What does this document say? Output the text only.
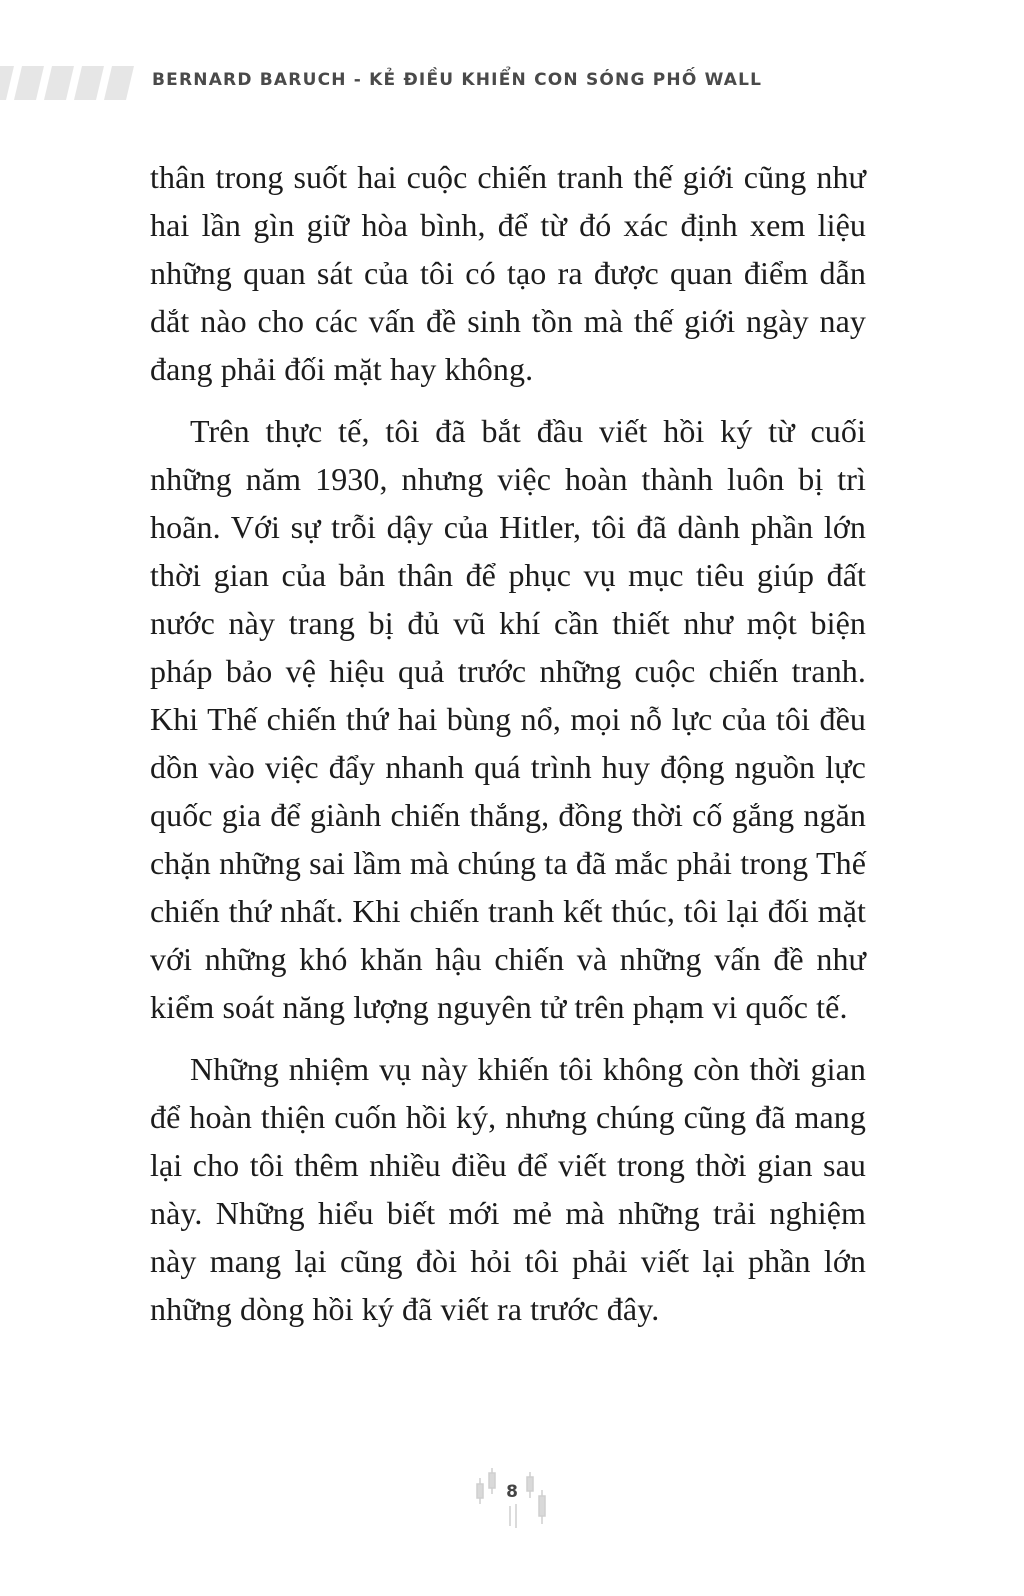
BERNARD BARUCH - KẺ ĐIỀU KHIỂN CON SÓNG PHỐ WALL

thân trong suốt hai cuộc chiến tranh thế giới cũng như hai lần gìn giữ hòa bình, để từ đó xác định xem liệu những quan sát của tôi có tạo ra được quan điểm dẫn dắt nào cho các vấn đề sinh tồn mà thế giới ngày nay đang phải đối mặt hay không.

Trên thực tế, tôi đã bắt đầu viết hồi ký từ cuối những năm 1930, nhưng việc hoàn thành luôn bị trì hoãn. Với sự trỗi dậy của Hitler, tôi đã dành phần lớn thời gian của bản thân để phục vụ mục tiêu giúp đất nước này trang bị đủ vũ khí cần thiết như một biện pháp bảo vệ hiệu quả trước những cuộc chiến tranh. Khi Thế chiến thứ hai bùng nổ, mọi nỗ lực của tôi đều dồn vào việc đẩy nhanh quá trình huy động nguồn lực quốc gia để giành chiến thắng, đồng thời cố gắng ngăn chặn những sai lầm mà chúng ta đã mắc phải trong Thế chiến thứ nhất. Khi chiến tranh kết thúc, tôi lại đối mặt với những khó khăn hậu chiến và những vấn đề như kiểm soát năng lượng nguyên tử trên phạm vi quốc tế.

Những nhiệm vụ này khiến tôi không còn thời gian để hoàn thiện cuốn hồi ký, nhưng chúng cũng đã mang lại cho tôi thêm nhiều điều để viết trong thời gian sau này. Những hiểu biết mới mẻ mà những trải nghiệm này mang lại cũng đòi hỏi tôi phải viết lại phần lớn những dòng hồi ký đã viết ra trước đây.

8
